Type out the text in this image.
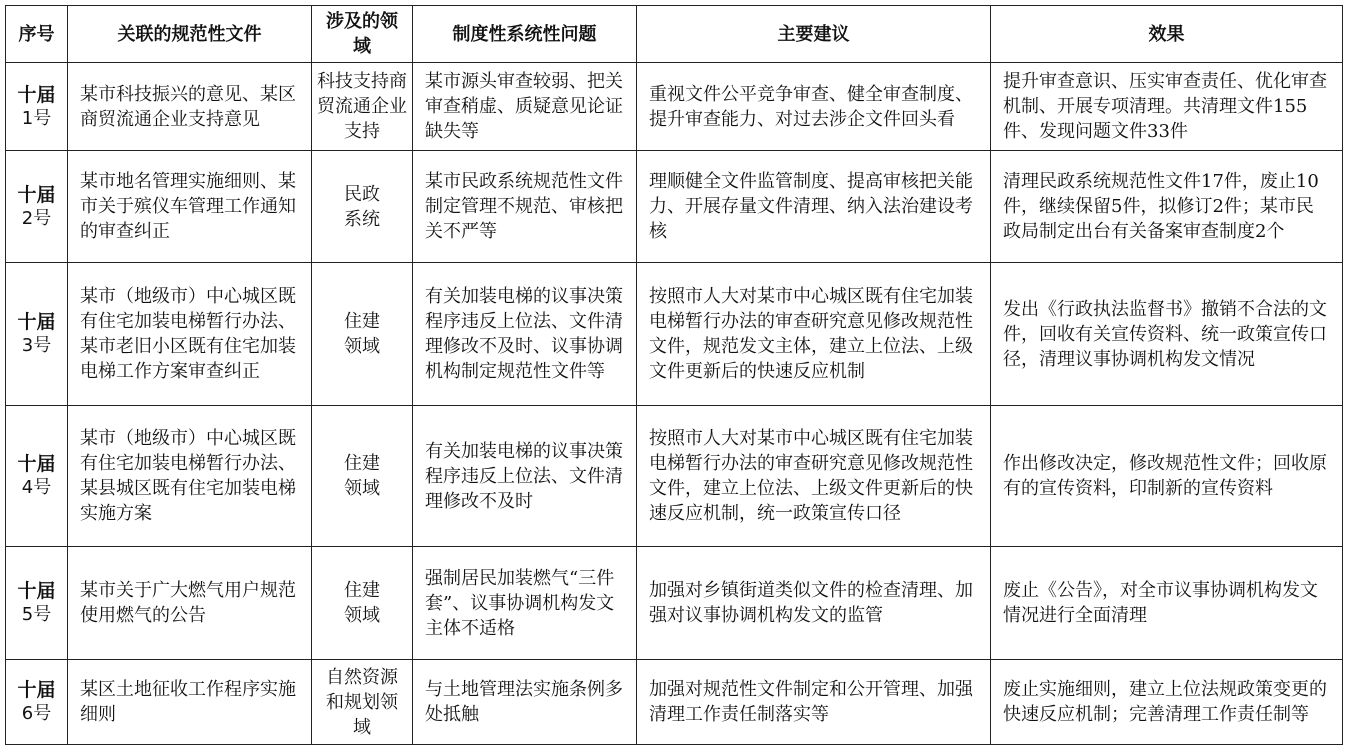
序号	关联的规范性文件	涉及的领域	制度性系统性问题	主要建议	效果

十届
1号	某市科技振兴的意见、某区商贸流通企业支持意见	科技支持商贸流通企业支持	某市源头审查较弱、把关审查稍虚、质疑意见论证缺失等	重视文件公平竞争审查、健全审查制度、提升审查能力、对过去涉企文件回头看	提升审查意识、压实审查责任、优化审查机制、开展专项清理。共清理文件155件、发现问题文件33件

十届
2号	某市地名管理实施细则、某市关于殡仪车管理工作通知的审查纠正	民政系统	某市民政系统规范性文件制定管理不规范、审核把关不严等	理顺健全文件监管制度、提高审核把关能力、开展存量文件清理、纳入法治建设考核	清理民政系统规范性文件17件，废止10件，继续保留5件，拟修订2件；某市民政局制定出台有关备案审查制度2个

十届
3号	某市（地级市）中心城区既有住宅加装电梯暂行办法、某市老旧小区既有住宅加装电梯工作方案审查纠正	住建领域	有关加装电梯的议事决策程序违反上位法、文件清理修改不及时、议事协调机构制定规范性文件等	按照市人大对某市中心城区既有住宅加装电梯暂行办法的审查研究意见修改规范性文件，规范发文主体，建立上位法、上级文件更新后的快速反应机制	发出《行政执法监督书》撤销不合法的文件，回收有关宣传资料、统一政策宣传口径，清理议事协调机构发文情况

十届
4号	某市（地级市）中心城区既有住宅加装电梯暂行办法、某县城区既有住宅加装电梯实施方案	住建领域	有关加装电梯的议事决策程序违反上位法、文件清理修改不及时	按照市人大对某市中心城区既有住宅加装电梯暂行办法的审查研究意见修改规范性文件，建立上位法、上级文件更新后的快速反应机制，统一政策宣传口径	作出修改决定，修改规范性文件；回收原有的宣传资料，印制新的宣传资料

十届
5号	某市关于广大燃气用户规范使用燃气的公告	住建领域	强制居民加装燃气“三件套”、议事协调机构发文主体不适格	加强对乡镇街道类似文件的检查清理、加强对议事协调机构发文的监管	废止《公告》，对全市议事协调机构发文情况进行全面清理

十届
6号	某区土地征收工作程序实施细则	自然资源和规划领域	与土地管理法实施条例多处抵触	加强对规范性文件制定和公开管理、加强清理工作责任制落实等	废止实施细则，建立上位法规政策变更的快速反应机制；完善清理工作责任制等
